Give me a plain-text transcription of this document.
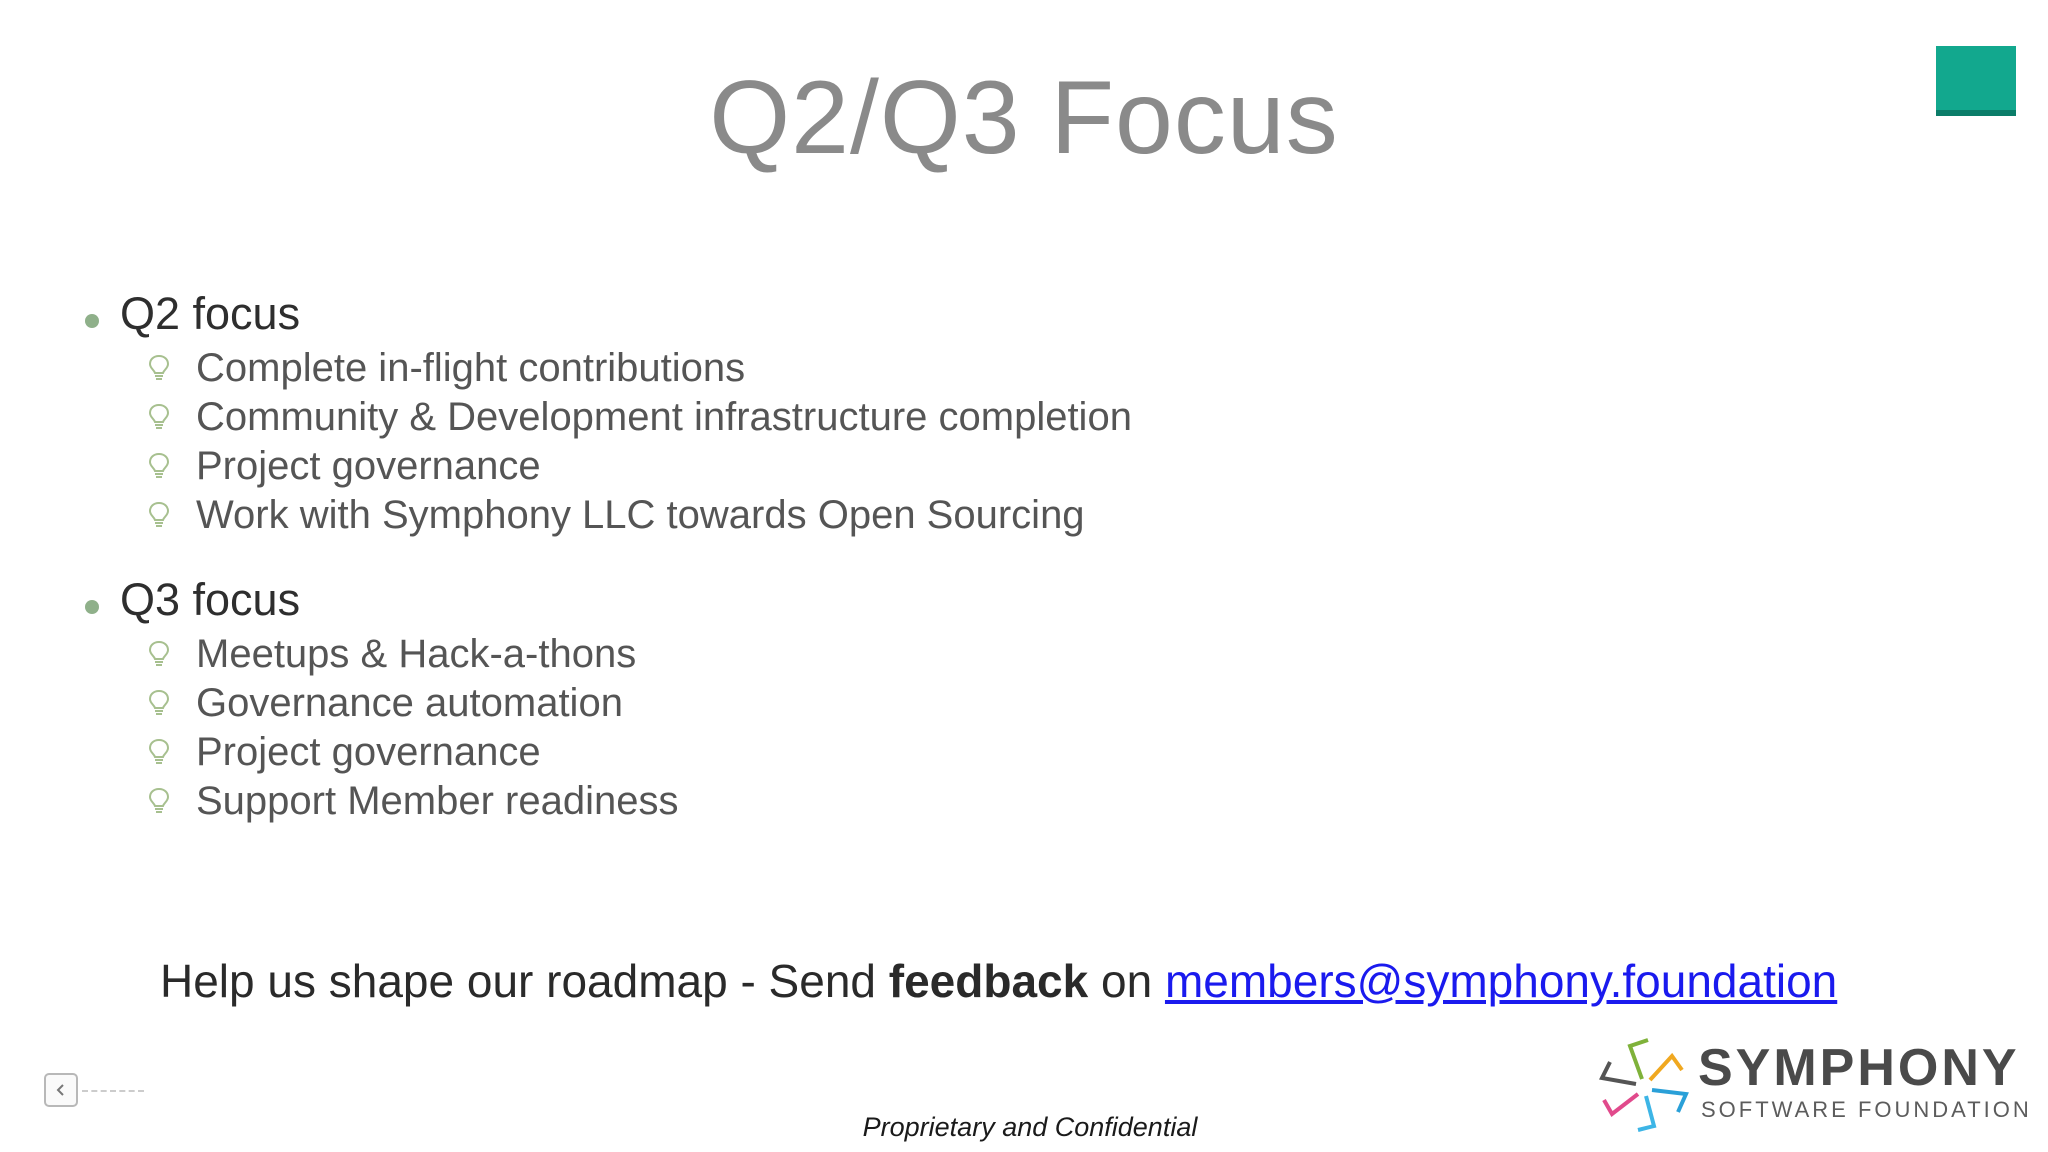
Q2/Q3 Focus
Q2 focus
Complete in-flight contributions
Community & Development infrastructure completion
Project governance
Work with Symphony LLC towards Open Sourcing
Q3 focus
Meetups & Hack-a-thons
Governance automation
Project governance
Support Member readiness
Help us shape our roadmap - Send feedback on members@symphony.foundation
Proprietary and Confidential
SYMPHONY
SOFTWARE FOUNDATION
